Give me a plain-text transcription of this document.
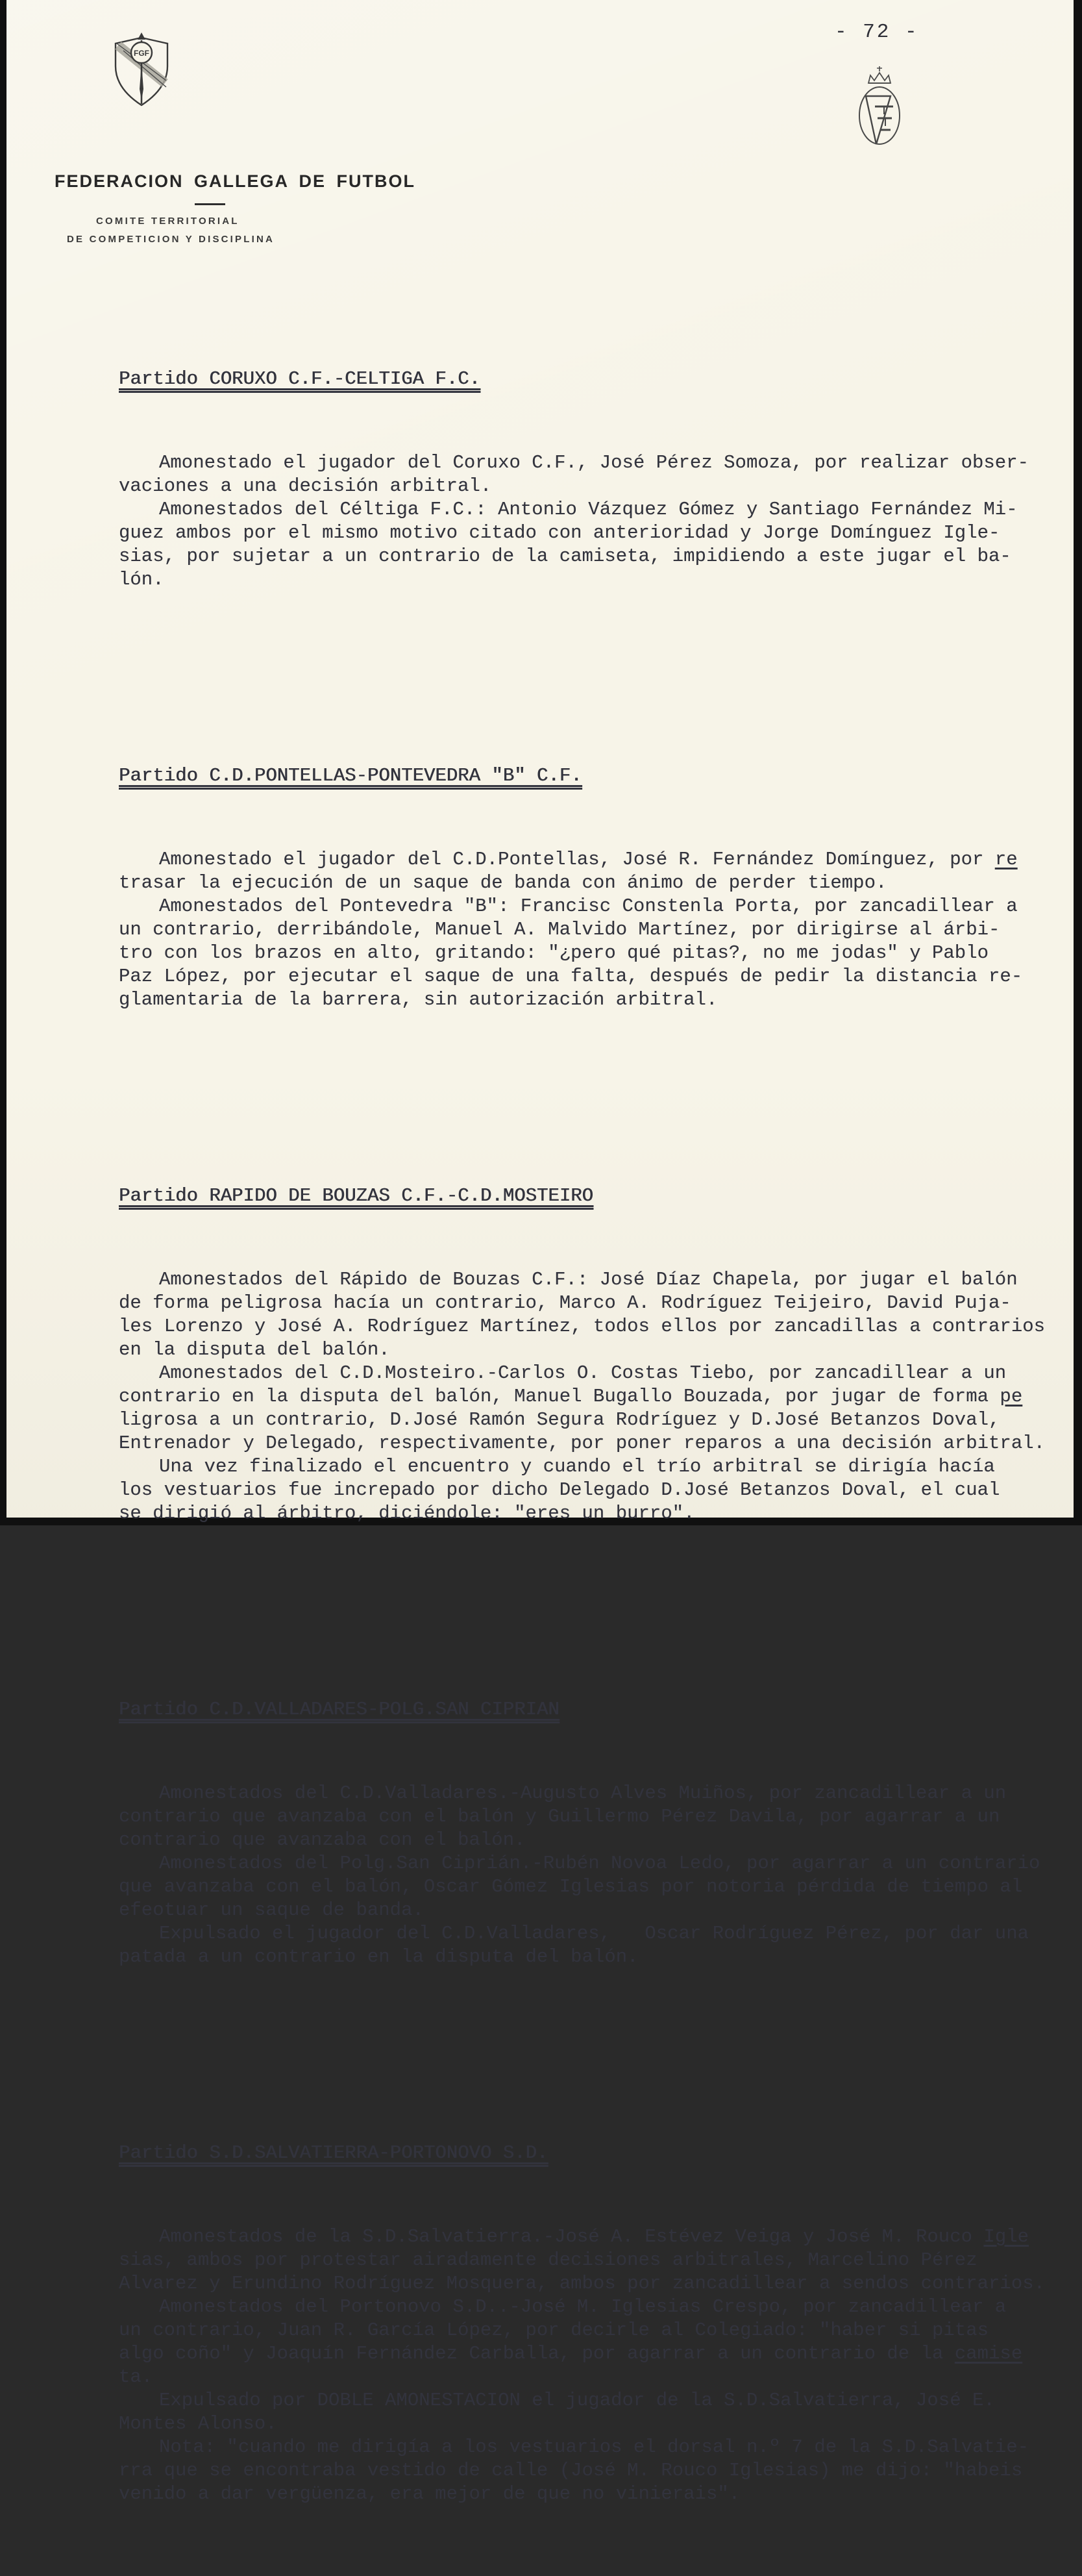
FGF
FEDERACION GALLEGA DE FUTBOL
COMITE TERRITORIAL
DE COMPETICION Y DISCIPLINA
- 72 -

Partido CORUXO C.F.-CELTIGA F.C.

Amonestado el jugador del Coruxo C.F., José Pérez Somoza, por realizar obser-
vaciones a una decisión arbitral.
Amonestados del Céltiga F.C.: Antonio Vázquez Gómez y Santiago Fernández Mi-
guez ambos por el mismo motivo citado con anterioridad y Jorge Domínguez Igle-
sias, por sujetar a un contrario de la camiseta, impidiendo a este jugar el ba-
lón.

Partido C.D.PONTELLAS-PONTEVEDRA "B" C.F.

Amonestado el jugador del C.D.Pontellas, José R. Fernández Domínguez, por re
trasar la ejecución de un saque de banda con ánimo de perder tiempo.
Amonestados del Pontevedra "B": Francisc Constenla Porta, por zancadillear a
un contrario, derribándole, Manuel A. Malvido Martínez, por dirigirse al árbi-
tro con los brazos en alto, gritando: "¿pero qué pitas?, no me jodas" y Pablo
Paz López, por ejecutar el saque de una falta, después de pedir la distancia re-
glamentaria de la barrera, sin autorización arbitral.

Partido RAPIDO DE BOUZAS C.F.-C.D.MOSTEIRO

Amonestados del Rápido de Bouzas C.F.: José Díaz Chapela, por jugar el balón
de forma peligrosa hacía un contrario, Marco A. Rodríguez Teijeiro, David Puja-
les Lorenzo y José A. Rodríguez Martínez, todos ellos por zancadillas a contrarios
en la disputa del balón.
Amonestados del C.D.Mosteiro.-Carlos O. Costas Tiebo, por zancadillear a un
contrario en la disputa del balón, Manuel Bugallo Bouzada, por jugar de forma pe
ligrosa a un contrario, D.José Ramón Segura Rodríguez y D.José Betanzos Doval,
Entrenador y Delegado, respectivamente, por poner reparos a una decisión arbitral.
Una vez finalizado el encuentro y cuando el trío arbitral se dirigía hacía
los vestuarios fue increpado por dicho Delegado D.José Betanzos Doval, el cual
se dirigió al árbitro, diciéndole: "eres un burro".

Partido C.D.VALLADARES-POLG.SAN CIPRIAN

Amonestados del C.D.Valladares.-Augusto Alves Muiños, por zancadillear a un
contrario que avanzaba con el balón y Guillermo Pérez Davila, por agarrar a un
contrario que avanzaba con el balón.
Amonestados del Polg.San Ciprián.-Rubén Novoa Ledo, por agarrar a un contrario
que avanzaba con el balón, Oscar Gómez Iglesias por notoria pérdida de tiempo al
efeotuar un saque de banda.
Expulsado el jugador del C.D.Valladares,   Oscar Rodríguez Pérez, por dar una
patada a un contrario en la disputa del balón.

Partido S.D.SALVATIERRA-PORTONOVO S.D.

Amonestados de la S.D.Salvatierra.-José A. Estévez Veiga y José M. Rouco Igle
sias, ambos por protestar airadamente decisiones arbitrales, Marcelino Pérez
Alvarez y Erundino Rodríguez Mosquera, ambos por zancadillear a sendos contrarios.
Amonestados del Portonovo S.D..-José M. Iglesias Crespo, por zancadillear a
un contrario, Juan R. García López, por decirle al Colegiado: "haber si pitas
algo coño" y Joaquín Fernández Carballa, por agarrar a un contrario de la camise
ta.
Expulsado por DOBLE AMONESTACION el jugador de la S.D.Salvatierra, José E.
Montes Alonso.
Nota: "cuando me dirigía a los vestuarios el dorsal n.º 7 de la S.D.Salvatie-
rra que se encontraba vestido de calle (José M. Rouco Iglesias) me dijo: "habeis
venido a dar vergüenza, era mejor de que no vinierais".
